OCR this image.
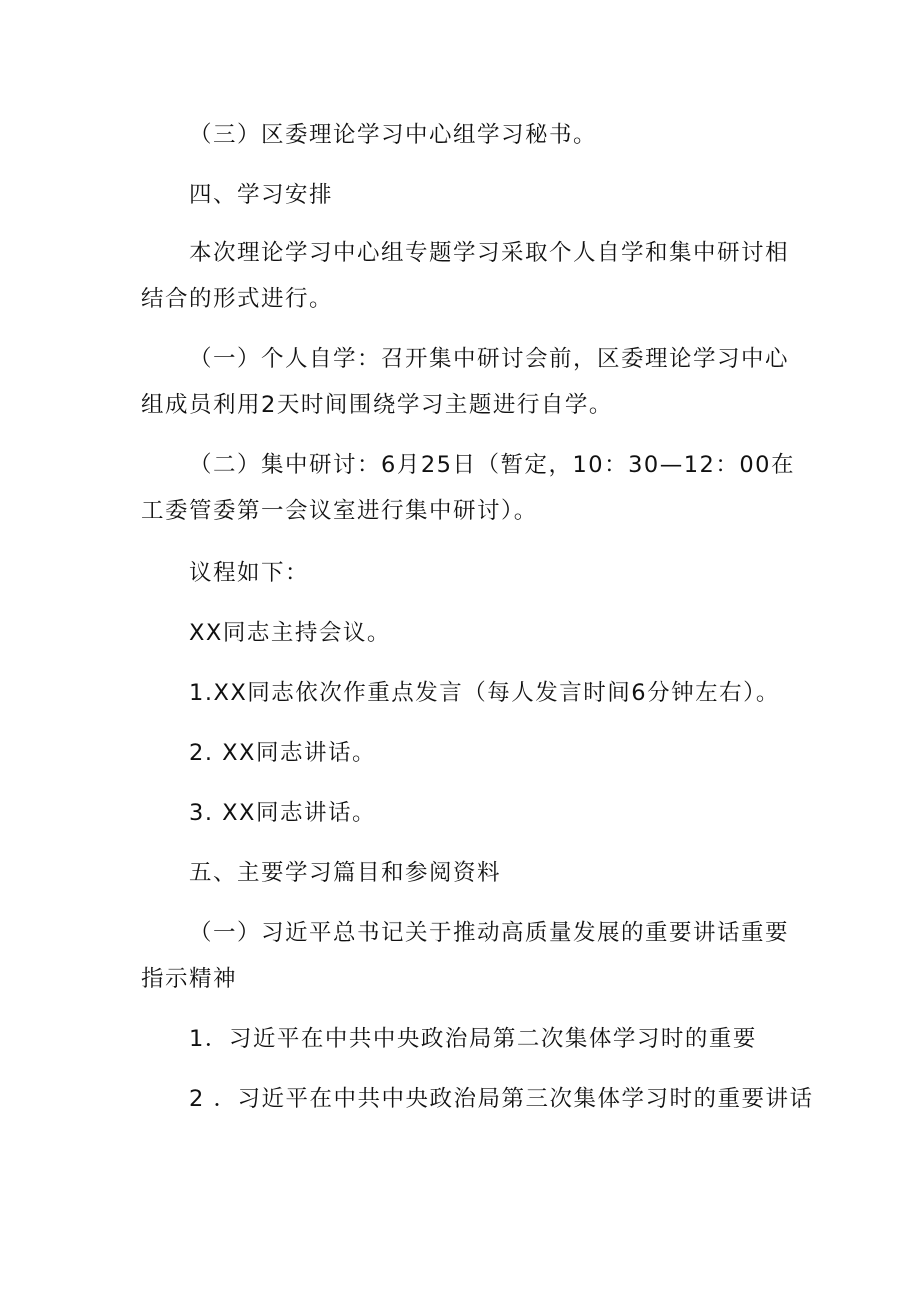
（三）区委理论学习中心组学习秘书。
四、学习安排
本次理论学习中心组专题学习采取个人自学和集中研讨相
结合的形式进行。
（一）个人自学：召开集中研讨会前，区委理论学习中心
组成员利用2天时间围绕学习主题进行自学。
（二）集中研讨：6月25日（暂定，10：30—12：00在
工委管委第一会议室进行集中研讨）。
议程如下：
XX同志主持会议。
1.XX同志依次作重点发言（每人发言时间6分钟左右）。
2. XX同志讲话。
3. XX同志讲话。
五、主要学习篇目和参阅资料
（一）习近平总书记关于推动高质量发展的重要讲话重要
指示精神
1．习近平在中共中央政治局第二次集体学习时的重要
2 ．习近平在中共中央政治局第三次集体学习时的重要讲话
